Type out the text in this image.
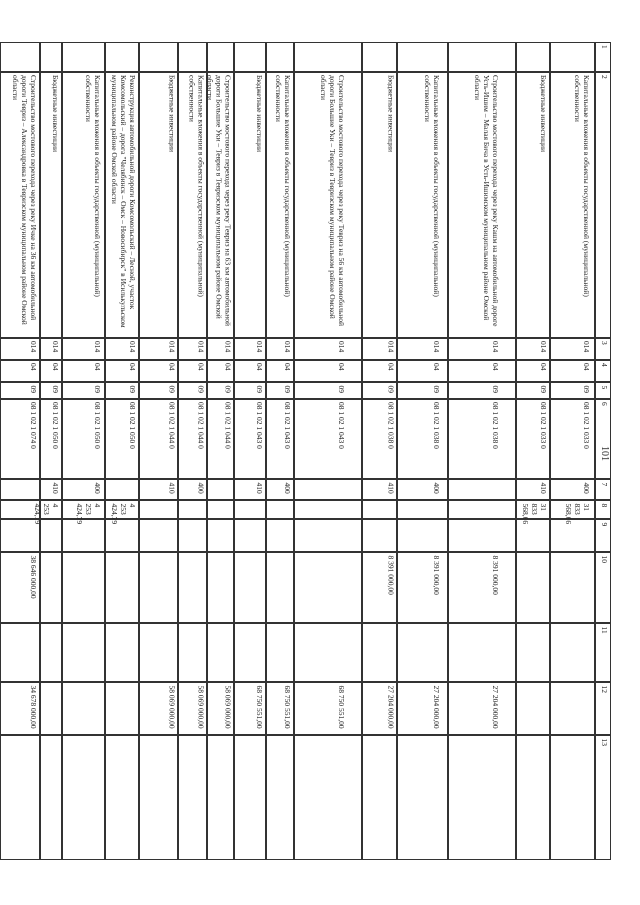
1
2
3
4
5
6
7
8
9
10
11
12
13
Капитальные вложения в объекты государственной (муниципальной) собственности
014
04
09
08 1 02 1 033 0
400
31 833 568,66
Бюджетные инвестиции
014
04
09
08 1 02 1 033 0
410
31 833 568,66
Строительство мостового перехода через реку Кашм на автомобильной дороге Усть-Ишим – Малая Бича в Усть-Ишимском муниципальном районе Омской области
014
04
09
08 1 02 1 038 0
8 391 000,00
27 204 000,00
Капитальные вложения в объекты государственной (муниципальной) собственности
014
04
09
08 1 02 1 038 0
400
8 391 000,00
27 204 000,00
Бюджетные инвестиции
014
04
09
08 1 02 1 038 0
410
8 391 000,00
27 204 000,00
Строительство мостового перехода через реку Тевриз на 56 км автомобильной дороги Большие Уки – Тевриз в Тевризском муниципальном районе Омской области
014
04
09
08 1 02 1 043 0
68 750 551,00
Капитальные вложения в объекты государственной (муниципальной) собственности
014
04
09
08 1 02 1 043 0
400
68 750 551,00
Бюджетные инвестиции
014
04
09
08 1 02 1 043 0
410
68 750 551,00
Строительство мостового перехода через реку Тевриз на 63 км автомобильной дороги Большие Уки – Тевриз в Тевризском муниципальном районе Омской области
014
04
09
08 1 02 1 044 0
58 069 000,00
Капитальные вложения в объекты государственной (муниципальной) собственности
014
04
09
08 1 02 1 044 0
400
58 069 000,00
Бюджетные инвестиции
014
04
09
08 1 02 1 044 0
410
58 069 000,00
Реконструкция автомобильной дороги Комсомольский – Лесной, участок Комсомольский – дорога "Челябинск – Омск – Новосибирск" в Исилькульском муниципальном районе Омской области
014
04
09
08 1 02 1 050 0
4 253 424,79
Капитальные вложения в объекты государственной (муниципальной) собственности
014
04
09
08 1 02 1 050 0
400
4 253 424,79
Бюджетные инвестиции
014
04
09
08 1 02 1 050 0
410
4 253 424,79
Строительство мостового перехода через реку Ичке на 36 км автомобильной дороги Тевриз – Александровка в Тевризском муниципальном районе Омской области
014
04
09
08 1 02 1 074 0
38 646 000,00
34 678 000,00
101
